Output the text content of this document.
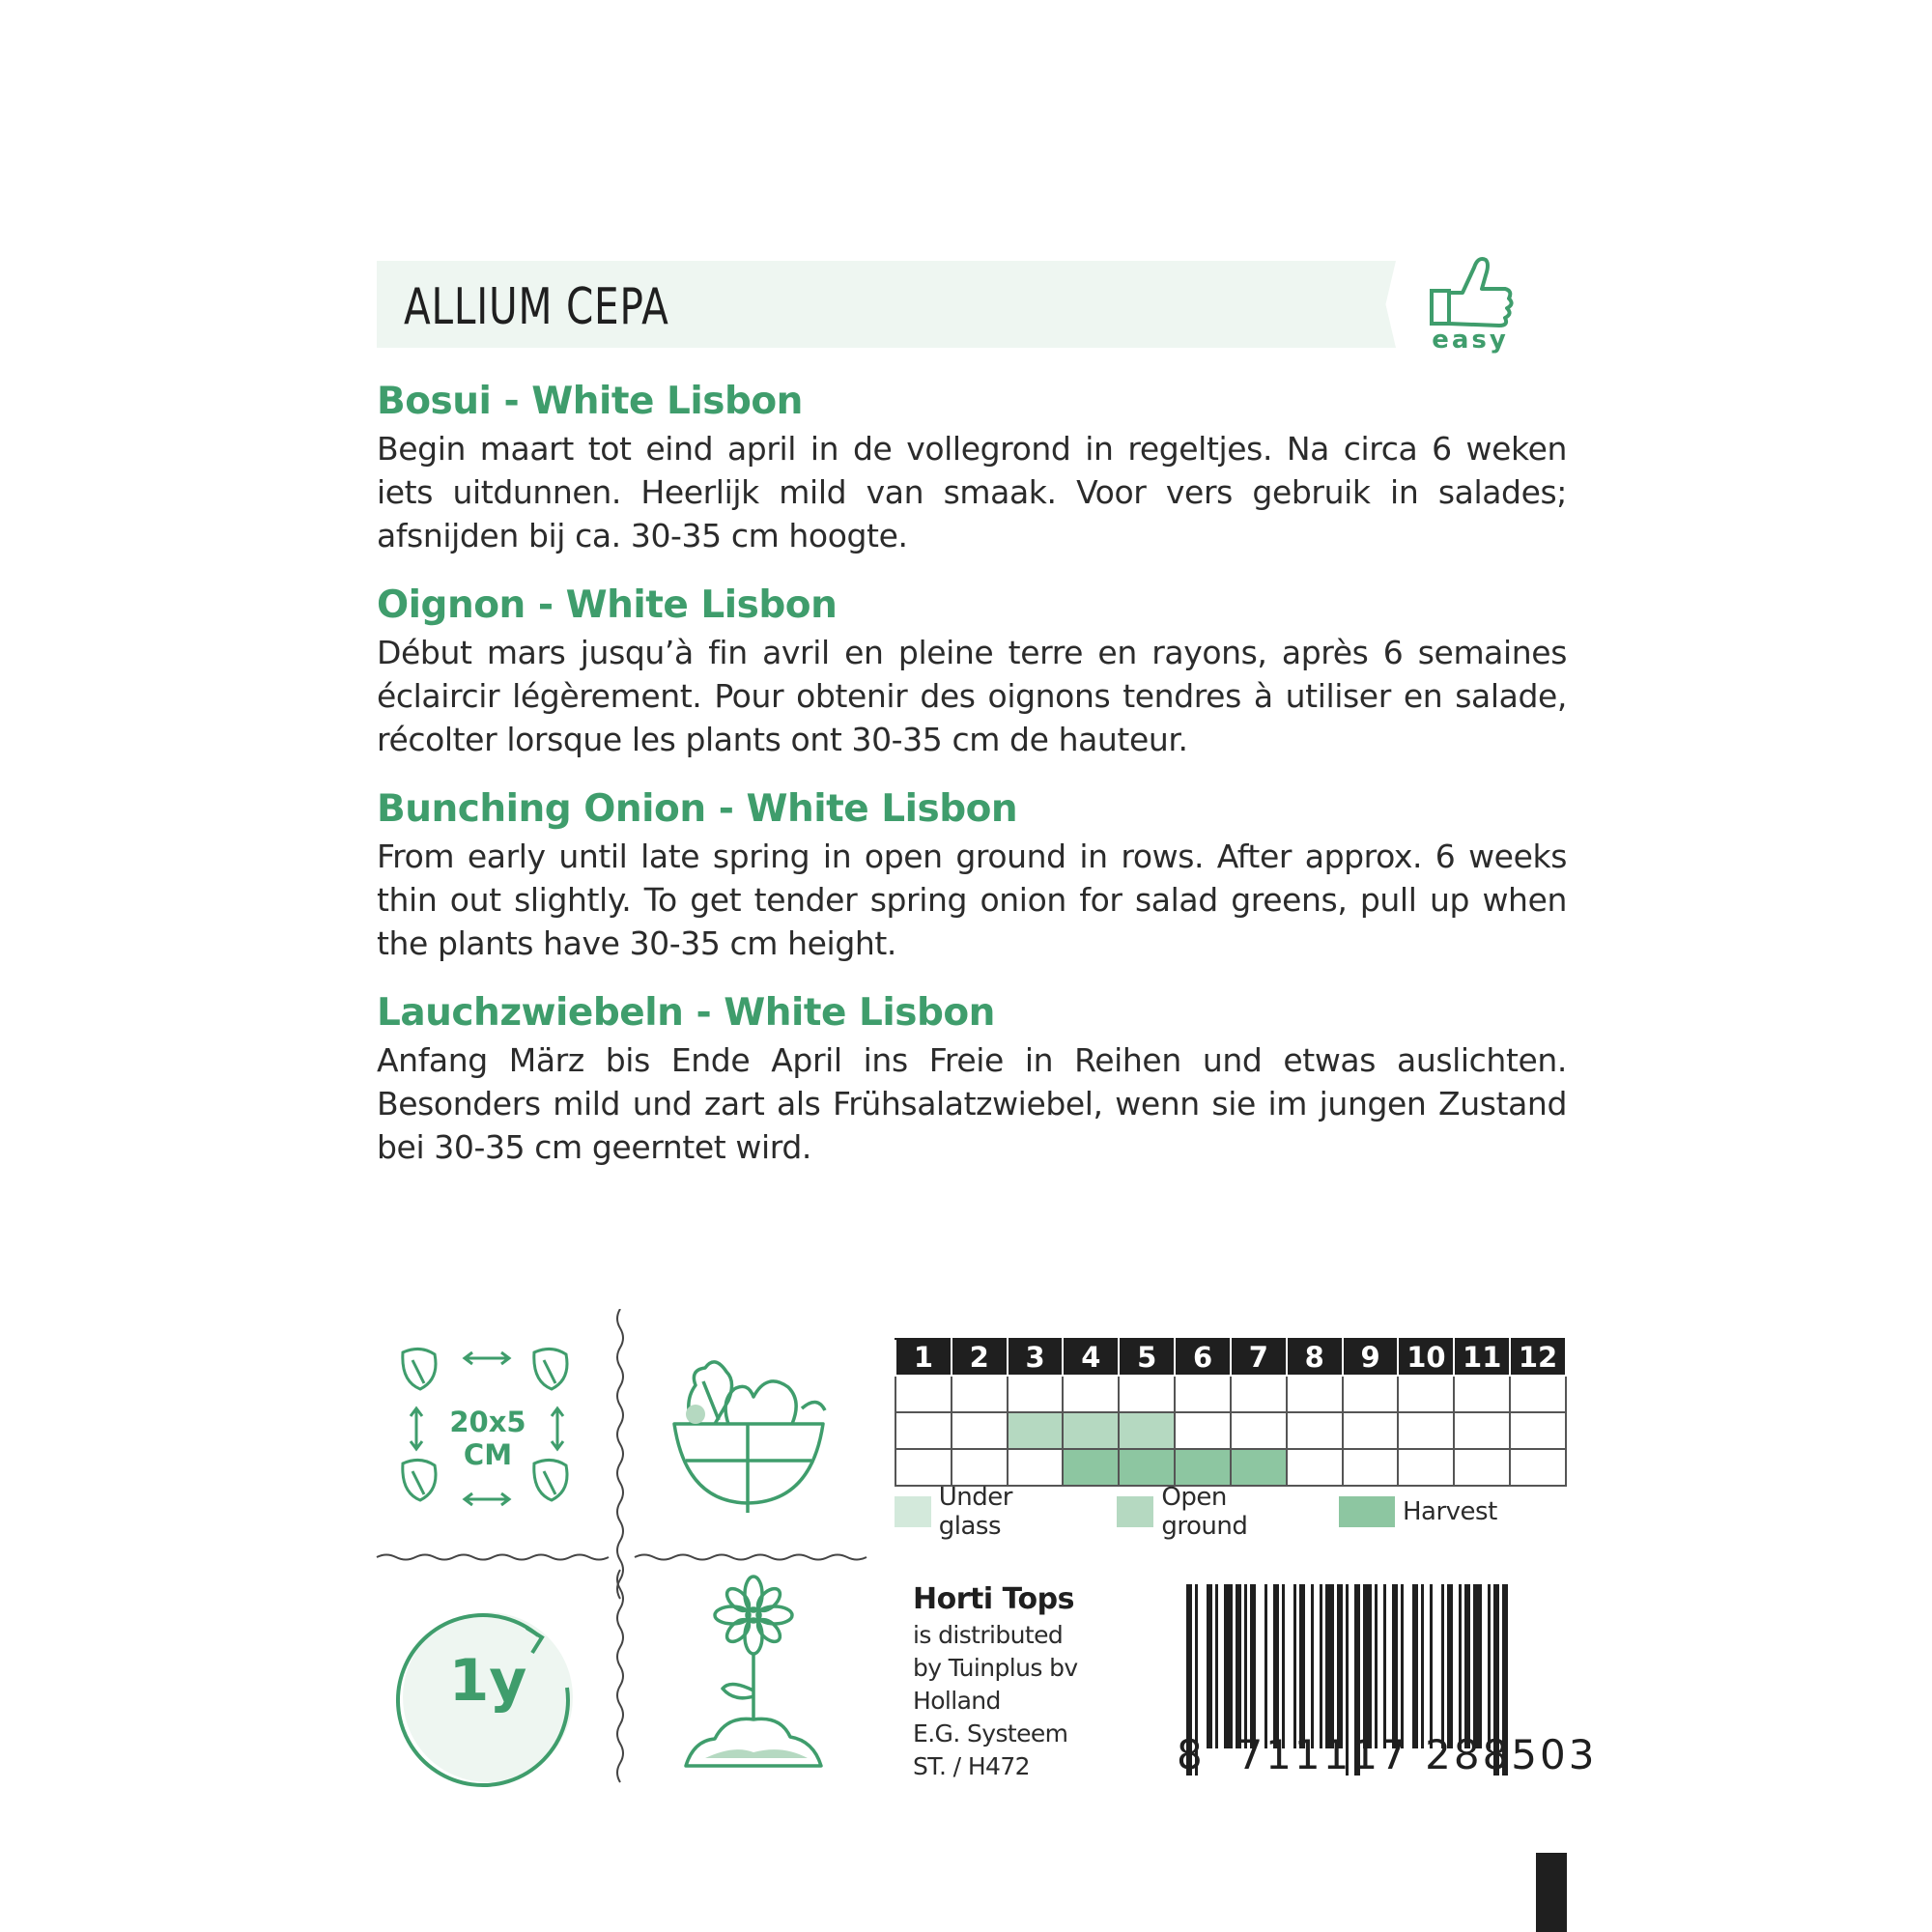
ALLIUM CEPA
easy
Bosui - White Lisbon
Begin maart tot eind april in de vollegrond in regeltjes. Na circa 6 weken iets uitdunnen. Heerlijk mild van smaak. Voor vers gebruik in salades; afsnijden bij ca. 30-35 cm hoogte.
Oignon - White Lisbon
Début mars jusqu’à fin avril en pleine terre en rayons, après 6 semaines éclaircir légèrement. Pour obtenir des oignons tendres à utiliser en salade, récolter lorsque les plants ont 30-35 cm de hauteur.
Bunching Onion - White Lisbon
From early until late spring in open ground in rows. After approx. 6 weeks thin out slightly. To get tender spring onion for salad greens, pull up when the plants have 30-35 cm height.
Lauchzwiebeln - White Lisbon
Anfang März bis Ende April ins Freie in Reihen und etwas auslichten. Besonders mild und zart als Frühsalatzwiebel, wenn sie im jungen Zustand bei 30-35 cm geerntet wird.
20x5
CM
1y
1	2	3	4	5	6	7	8	9	10	11	12

Under glass
Open ground	Harvest
Horti Tops
is distributed
by Tuinplus bv
Holland
E.G. Systeem
ST. / H472	8 711117 288503
